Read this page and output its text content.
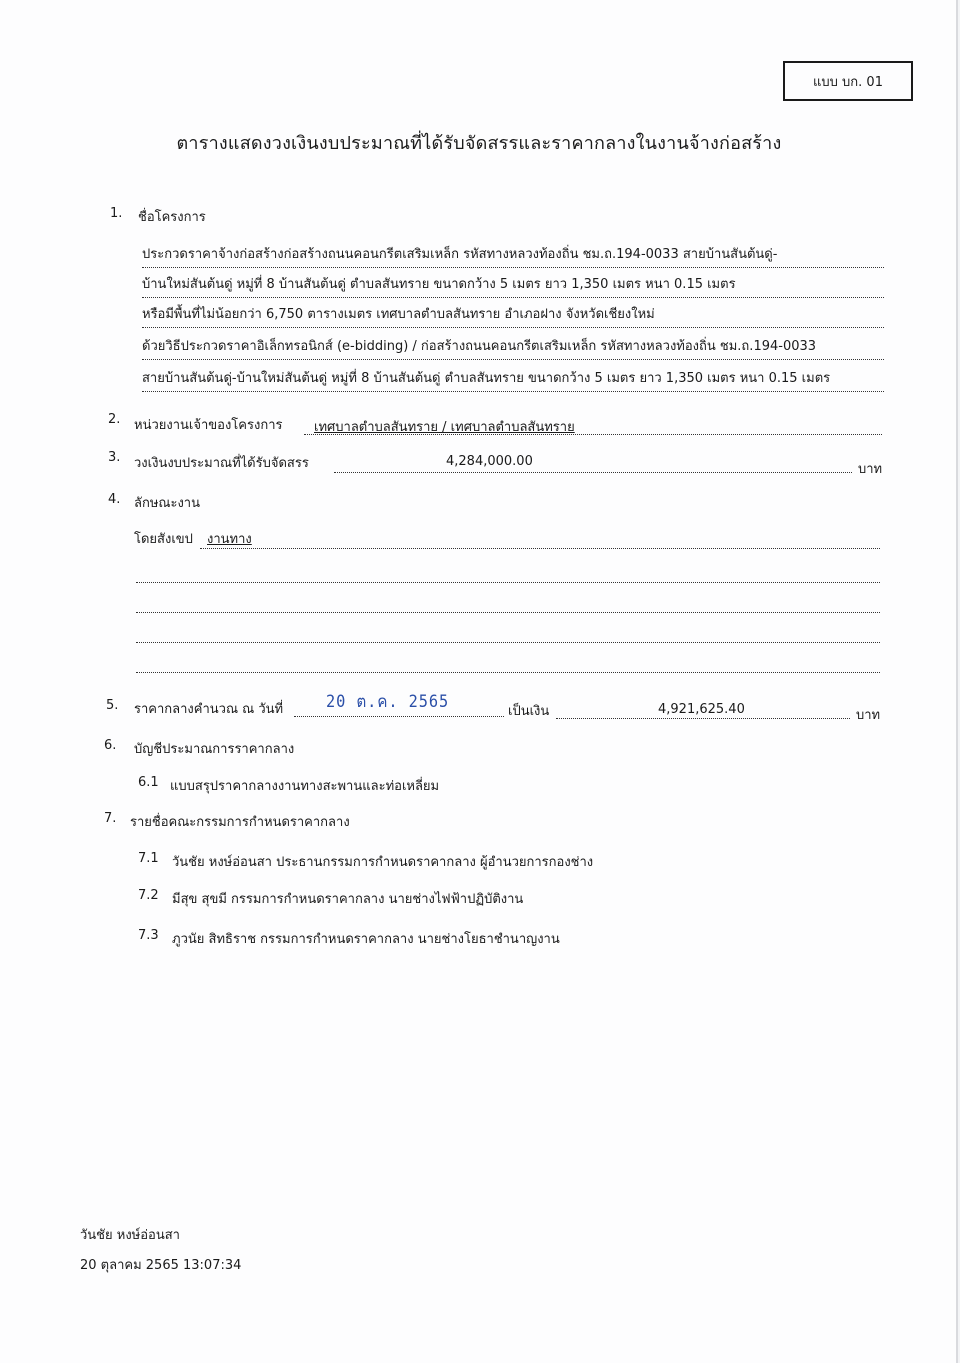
แบบ บก. 01
ตารางแสดงวงเงินงบประมาณที่ได้รับจัดสรรและราคากลางในงานจ้างก่อสร้าง
1. ชื่อโครงการ
ประกวดราคาจ้างก่อสร้างก่อสร้างถนนคอนกรีตเสริมเหล็ก รหัสทางหลวงท้องถิ่น ชม.ถ.194-0033 สายบ้านสันต้นดู่-
บ้านใหม่สันต้นดู่ หมู่ที่ 8 บ้านสันต้นดู่ ตำบลสันทราย ขนาดกว้าง 5 เมตร ยาว 1,350 เมตร หนา 0.15 เมตร
หรือมีพื้นที่ไม่น้อยกว่า 6,750 ตารางเมตร เทศบาลตำบลสันทราย อำเภอฝาง จังหวัดเชียงใหม่
ด้วยวิธีประกวดราคาอิเล็กทรอนิกส์ (e-bidding) / ก่อสร้างถนนคอนกรีตเสริมเหล็ก รหัสทางหลวงท้องถิ่น ชม.ถ.194-0033
สายบ้านสันต้นดู่-บ้านใหม่สันต้นดู่ หมู่ที่ 8 บ้านสันต้นดู่ ตำบลสันทราย ขนาดกว้าง 5 เมตร ยาว 1,350 เมตร หนา 0.15 เมตร
2. หน่วยงานเจ้าของโครงการ เทศบาลตำบลสันทราย / เทศบาลตำบลสันทราย
3. วงเงินงบประมาณที่ได้รับจัดสรร	4,284,000.00
บาท
4. ลักษณะงาน
โดยสังเขป งานทาง
5. ราคากลางคำนวณ ณ วันที่	20 ต.ค. 2565	เป็นเงิน	4,921,625.40	บาท
6. บัญชีประมาณการราคากลาง
6.1 แบบสรุปราคากลางงานทางสะพานและท่อเหลี่ยม
7. รายชื่อคณะกรรมการกำหนดราคากลาง
7.1 วันชัย หงษ์อ่อนสา ประธานกรรมการกำหนดราคากลาง ผู้อำนวยการกองช่าง
7.2 มีสุข สุขมี กรรมการกำหนดราคากลาง นายช่างไฟฟ้าปฏิบัติงาน
7.3 ภูวนัย สิทธิราช กรรมการกำหนดราคากลาง นายช่างโยธาชำนาญงาน
วันชัย หงษ์อ่อนสา
20 ตุลาคม 2565 13:07:34
